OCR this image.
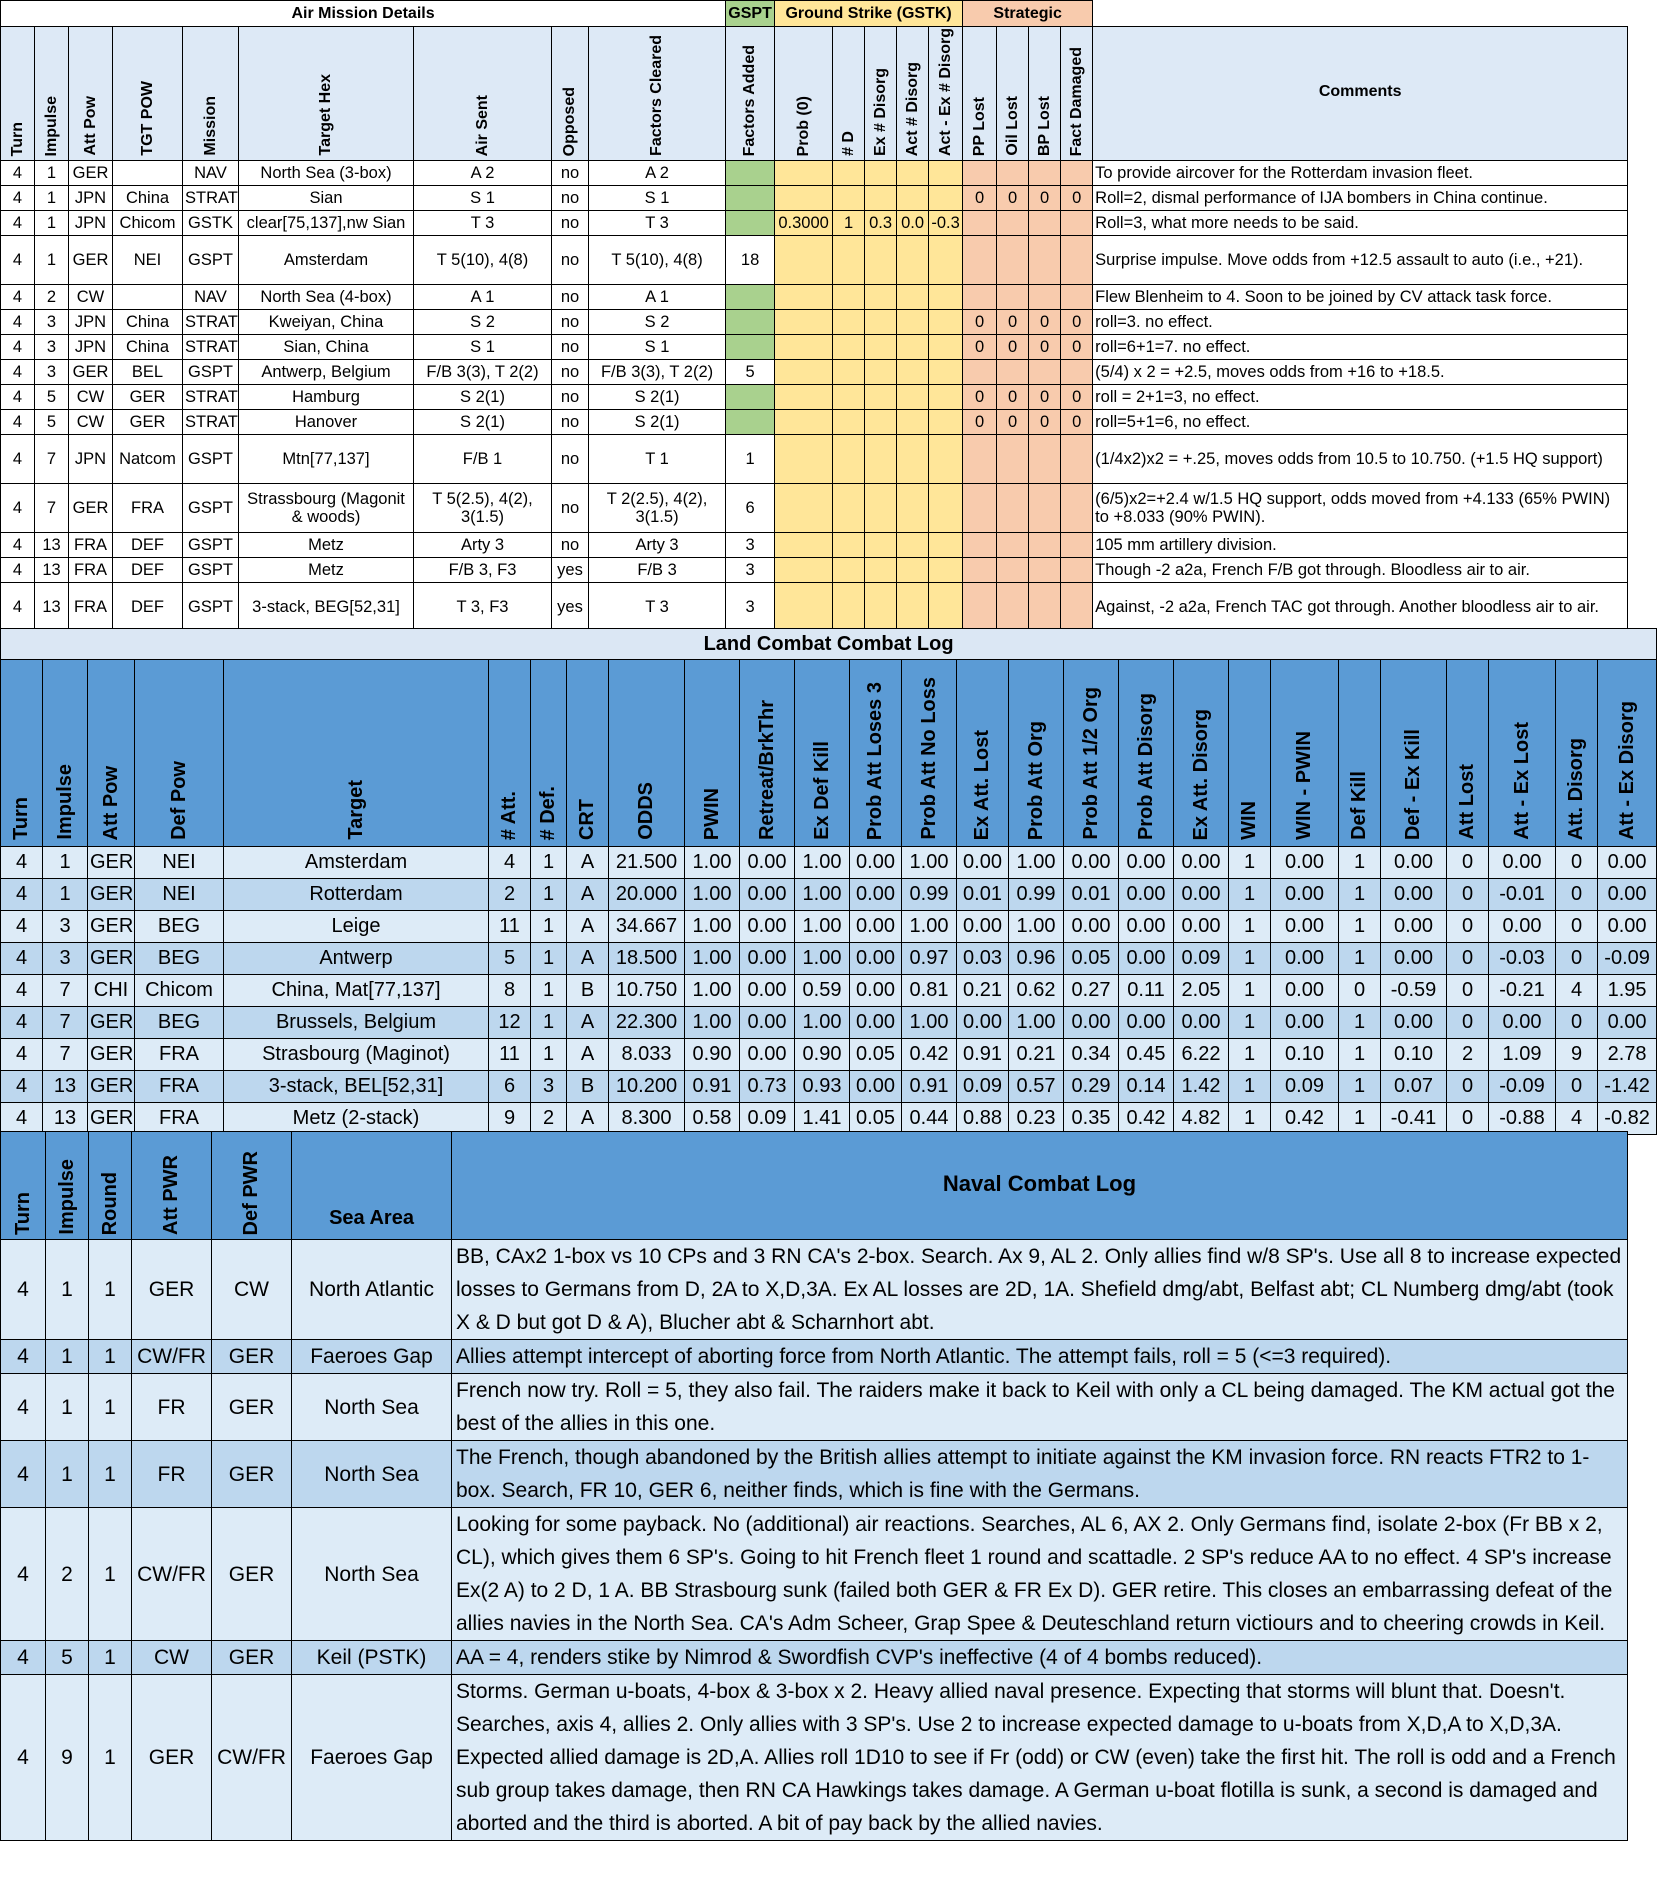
Air Mission Details									GSPT	Ground Strike (GSTK)					Strategic				

Turn	Impulse	Att Pow	TGT POW	Mission	Target Hex	Air Sent	Opposed	Factors Cleared	Factors Added	Prob (0)	# D	Ex # Disorg	Act # Disorg	Act - Ex # Disorg	PP Lost	Oil Lost	BP Lost	Fact Damaged	Comments
4	1	GER		NAV	North Sea (3-box)	A 2	no	A 2											To provide aircover for the Rotterdam invasion fleet.
4	1	JPN	China	STRAT	Sian	S 1	no	S 1							0	0	0	0	Roll=2, dismal performance of IJA bombers in China continue.
4	1	JPN	Chicom	GSTK	clear[75,137],nw Sian	T 3	no	T 3		0.3000	1	0.3	0.0	-0.3					Roll=3, what more needs to be said.
4	1	GER	NEI	GSPT	Amsterdam	T 5(10), 4(8)	no	T 5(10), 4(8)	18										Surprise impulse. Move odds from +12.5 assault to auto (i.e., +21).
4	2	CW		NAV	North Sea (4-box)	A 1	no	A 1											Flew Blenheim to 4. Soon to be joined by CV attack task force.
4	3	JPN	China	STRAT	Kweiyan, China	S 2	no	S 2							0	0	0	0	roll=3. no effect.
4	3	JPN	China	STRAT	Sian, China	S 1	no	S 1							0	0	0	0	roll=6+1=7. no effect.
4	3	GER	BEL	GSPT	Antwerp, Belgium	F/B 3(3), T 2(2)	no	F/B 3(3), T 2(2)	5										(5/4) x 2 = +2.5, moves odds from +16 to +18.5.
4	5	CW	GER	STRAT	Hamburg	S 2(1)	no	S 2(1)							0	0	0	0	roll = 2+1=3, no effect.
4	5	CW	GER	STRAT	Hanover	S 2(1)	no	S 2(1)							0	0	0	0	roll=5+1=6, no effect.
4	7	JPN	Natcom	GSPT	Mtn[77,137]	F/B 1	no	T 1	1										(1/4x2)x2 = +.25, moves odds from 10.5 to 10.750. (+1.5 HQ support)
4	7	GER	FRA	GSPT	Strassbourg (Magonit & woods)	T 5(2.5), 4(2), 3(1.5)	no	T 2(2.5), 4(2), 3(1.5)	6										(6/5)x2=+2.4 w/1.5 HQ support, odds moved from +4.133 (65% PWIN) to +8.033 (90% PWIN).
4	13	FRA	DEF	GSPT	Metz	Arty 3	no	Arty 3	3										105 mm artillery division.
4	13	FRA	DEF	GSPT	Metz	F/B 3, F3	yes	F/B 3	3										Though -2 a2a, French F/B got through. Bloodless air to air.
4	13	FRA	DEF	GSPT	3-stack, BEG[52,31]	T 3, F3	yes	T 3	3										Against, -2 a2a, French TAC got through. Another bloodless air to air.
Land Combat Combat Log																										

Turn	Impulse	Att Pow	Def Pow	Target	# Att.	# Def.	CRT	ODDS	PWIN	Retreat/BrkThr	Ex Def Kill	Prob Att Loses 3	Prob Att No Loss	Ex Att. Lost	Prob Att Org	Prob Att 1/2 Org	Prob Att Disorg	Ex Att. Disorg	WIN	WIN - PWIN	Def Kill	Def - Ex Kill	Att Lost	Att - Ex Lost	Att. Disorg	Att - Ex Disorg

4	1	GER	NEI	Amsterdam	4	1	A	21.500	1.00	0.00	1.00	0.00	1.00	0.00	1.00	0.00	0.00	0.00	1	0.00	1	0.00	0	0.00	0	0.00
4	1	GER	NEI	Rotterdam	2	1	A	20.000	1.00	0.00	1.00	0.00	0.99	0.01	0.99	0.01	0.00	0.00	1	0.00	1	0.00	0	-0.01	0	0.00
4	3	GER	BEG	Leige	11	1	A	34.667	1.00	0.00	1.00	0.00	1.00	0.00	1.00	0.00	0.00	0.00	1	0.00	1	0.00	0	0.00	0	0.00
4	3	GER	BEG	Antwerp	5	1	A	18.500	1.00	0.00	1.00	0.00	0.97	0.03	0.96	0.05	0.00	0.09	1	0.00	1	0.00	0	-0.03	0	-0.09
4	7	CHI	Chicom	China, Mat[77,137]	8	1	B	10.750	1.00	0.00	0.59	0.00	0.81	0.21	0.62	0.27	0.11	2.05	1	0.00	0	-0.59	0	-0.21	4	1.95
4	7	GER	BEG	Brussels, Belgium	12	1	A	22.300	1.00	0.00	1.00	0.00	1.00	0.00	1.00	0.00	0.00	0.00	1	0.00	1	0.00	0	0.00	0	0.00
4	7	GER	FRA	Strasbourg (Maginot)	11	1	A	8.033	0.90	0.00	0.90	0.05	0.42	0.91	0.21	0.34	0.45	6.22	1	0.10	1	0.10	2	1.09	9	2.78
4	13	GER	FRA	3-stack, BEL[52,31]	6	3	B	10.200	0.91	0.73	0.93	0.00	0.91	0.09	0.57	0.29	0.14	1.42	1	0.09	1	0.07	0	-0.09	0	-1.42
4	13	GER	FRA	Metz (2-stack)	9	2	A	8.300	0.58	0.09	1.41	0.05	0.44	0.88	0.23	0.35	0.42	4.82	1	0.42	1	-0.41	0	-0.88	4	-0.82
Turn	Impulse	Round	Att PWR	Def PWR	Sea Area	Naval Combat Log
4	1	1	GER	CW	North Atlantic	BB, CAx2 1-box vs 10 CPs and 3 RN CA's 2-box. Search. Ax 9, AL 2. Only allies find w/8 SP's. Use all 8 to increase expected losses to Germans from D, 2A to X,D,3A. Ex AL losses are 2D, 1A. Shefield dmg/abt, Belfast abt; CL Numberg dmg/abt (took X & D but got D & A), Blucher abt & Scharnhort abt.
4	1	1	CW/FR	GER	Faeroes Gap	Allies attempt intercept of aborting force from North Atlantic. The attempt fails, roll = 5 (<=3 required).
4	1	1	FR	GER	North Sea	French now try. Roll = 5, they also fail. The raiders make it back to Keil with only a CL being damaged. The KM actual got the best of the allies in this one.
4	1	1	FR	GER	North Sea	The French, though abandoned by the British allies attempt to initiate against the KM invasion force. RN reacts FTR2 to 1-box. Search, FR 10, GER 6, neither finds, which is fine with the Germans.
4	2	1	CW/FR	GER	North Sea	Looking for some payback. No (additional) air reactions. Searches, AL 6, AX 2. Only Germans find, isolate 2-box (Fr BB x 2, CL), which gives them 6 SP's. Going to hit French fleet 1 round and scattadle. 2 SP's reduce AA to no effect. 4 SP's increase Ex(2 A) to 2 D, 1 A. BB Strasbourg sunk (failed both GER & FR Ex D). GER retire. This closes an embarrassing defeat of the allies navies in the North Sea. CA's Adm Scheer, Grap Spee & Deuteschland return victiours and to cheering crowds in Keil.
4	5	1	CW	GER	Keil (PSTK)	AA = 4, renders stike by Nimrod & Swordfish CVP's ineffective (4 of 4 bombs reduced).
4	9	1	GER	CW/FR	Faeroes Gap	Storms. German u-boats, 4-box & 3-box x 2. Heavy allied naval presence. Expecting that storms will blunt that. Doesn't. Searches, axis 4, allies 2. Only allies with 3 SP's. Use 2 to increase expected damage to u-boats from X,D,A to X,D,3A. Expected allied damage is 2D,A. Allies roll 1D10 to see if Fr (odd) or CW (even) take the first hit. The roll is odd and a French sub group takes damage, then RN CA Hawkings takes damage. A German u-boat flotilla is sunk, a second is damaged and aborted and the third is aborted. A bit of pay back by the allied navies.
